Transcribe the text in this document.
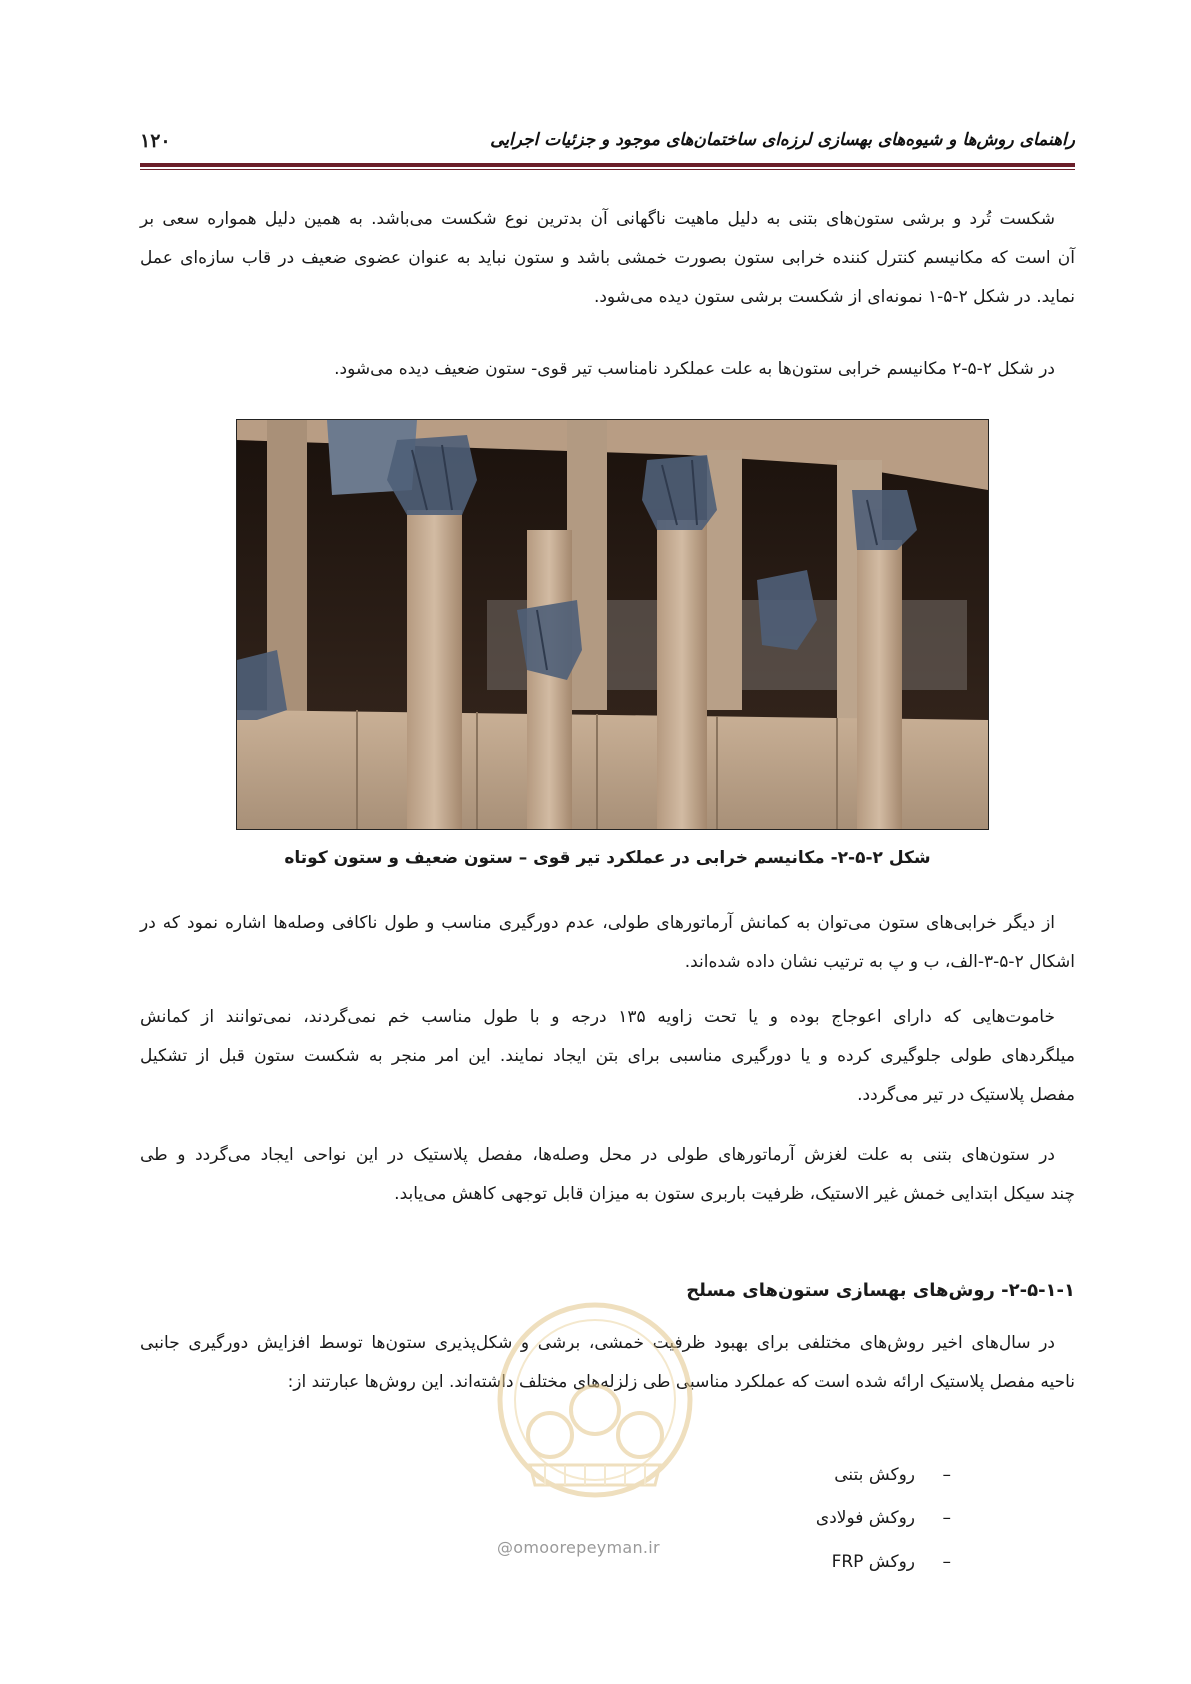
راهنمای روش‌ها و شیوه‌های بهسازی لرزه‌ای ساختمان‌های موجود و جزئیات اجرایی
۱۲۰
شکست تُرد و برشی ستون‌های بتنی به دلیل ماهیت ناگهانی آن بدترین نوع شکست می‌باشد. به همین دلیل همواره سعی بر
آن است که مکانیسم کنترل کننده خرابی ستون بصورت خمشی باشد و ستون نباید به عنوان عضوی ضعیف در قاب سازه‌ای عمل
نماید. در شکل ۲-۵-۱ نمونه‌ای از شکست برشی ستون دیده می‌شود.
در شکل ۲-۵-۲ مکانیسم خرابی ستون‌ها به علت عملکرد نامناسب تیر قوی- ستون ضعیف دیده می‌شود.
شکل ۲-۵-۲- مکانیسم خرابی در عملکرد تیر قوی – ستون ضعیف و ستون کوتاه
از دیگر خرابی‌های ستون می‌توان به کمانش آرماتورهای طولی، عدم دورگیری مناسب و طول ناکافی وصله‌ها اشاره نمود که در
اشکال ۲-۵-۳-الف، ب و پ به ترتیب نشان داده شده‌اند.
خاموت‌هایی که دارای اعوجاج بوده و یا تحت زاویه ۱۳۵ درجه و با طول مناسب خم نمی‌گردند، نمی‌توانند از کمانش
میلگردهای طولی جلوگیری کرده و یا دورگیری مناسبی برای بتن ایجاد نمایند. این امر منجر به شکست ستون قبل از تشکیل
مفصل پلاستیک در تیر می‌گردد.
در ستون‌های بتنی به علت لغزش آرماتورهای طولی در محل وصله‌ها، مفصل پلاستیک در این نواحی ایجاد می‌گردد و طی
چند سیکل ابتدایی خمش غیر الاستیک، ظرفیت باربری ستون به میزان قابل توجهی کاهش می‌یابد.
۲-۵-۱-۱- روش‌های بهسازی ستون‌های مسلح
در سال‌های اخیر روش‌های مختلفی برای بهبود ظرفیت خمشی، برشی و شکل‌پذیری ستون‌ها توسط افزایش دورگیری جانبی
ناحیه مفصل پلاستیک ارائه شده است که عملکرد مناسبی طی زلزله‌های مختلف داشته‌اند. این روش‌ها عبارتند از:
@omoorepeyman.ir
–روکش بتنی
–روکش فولادی
–روکش FRP
